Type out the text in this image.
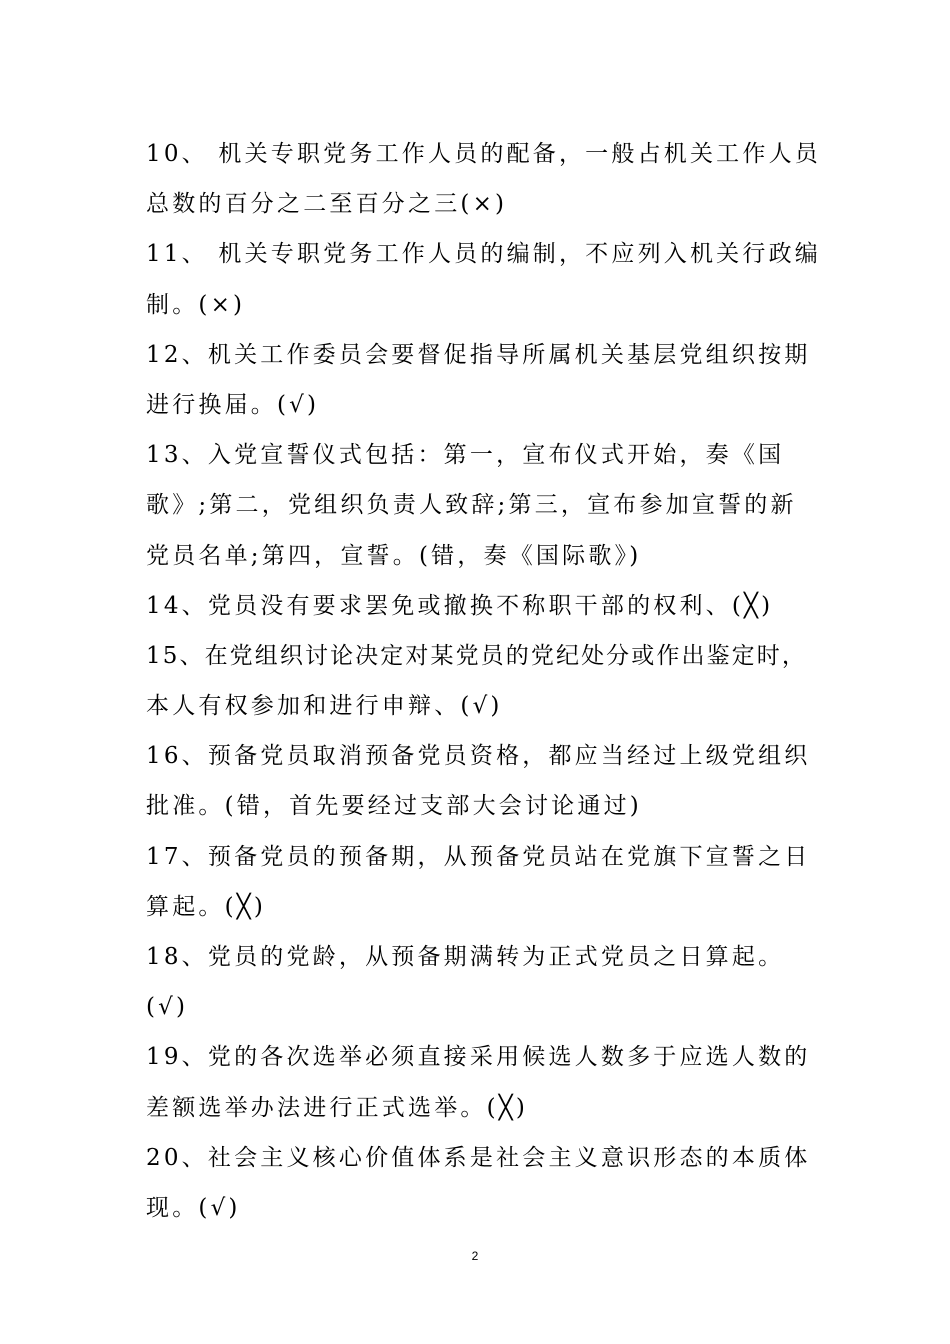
10、 机关专职党务工作人员的配备，一般占机关工作人员
总数的百分之二至百分之三(×)
11、 机关专职党务工作人员的编制，不应列入机关行政编
制。(×)
12、机关工作委员会要督促指导所属机关基层党组织按期
进行换届。(√)
13、入党宣誓仪式包括：第一，宣布仪式开始，奏《国
歌》;第二，党组织负责人致辞;第三，宣布参加宣誓的新
党员名单;第四，宣誓。(错，奏《国际歌》)
14、党员没有要求罢免或撤换不称职干部的权利、(╳)
15、在党组织讨论决定对某党员的党纪处分或作出鉴定时，
本人有权参加和进行申辩、(√)
16、预备党员取消预备党员资格，都应当经过上级党组织
批准。(错，首先要经过支部大会讨论通过)
17、预备党员的预备期，从预备党员站在党旗下宣誓之日
算起。(╳)
18、党员的党龄，从预备期满转为正式党员之日算起。
(√)
19、党的各次选举必须直接采用候选人数多于应选人数的
差额选举办法进行正式选举。(╳)
20、社会主义核心价值体系是社会主义意识形态的本质体
现。(√)
2
